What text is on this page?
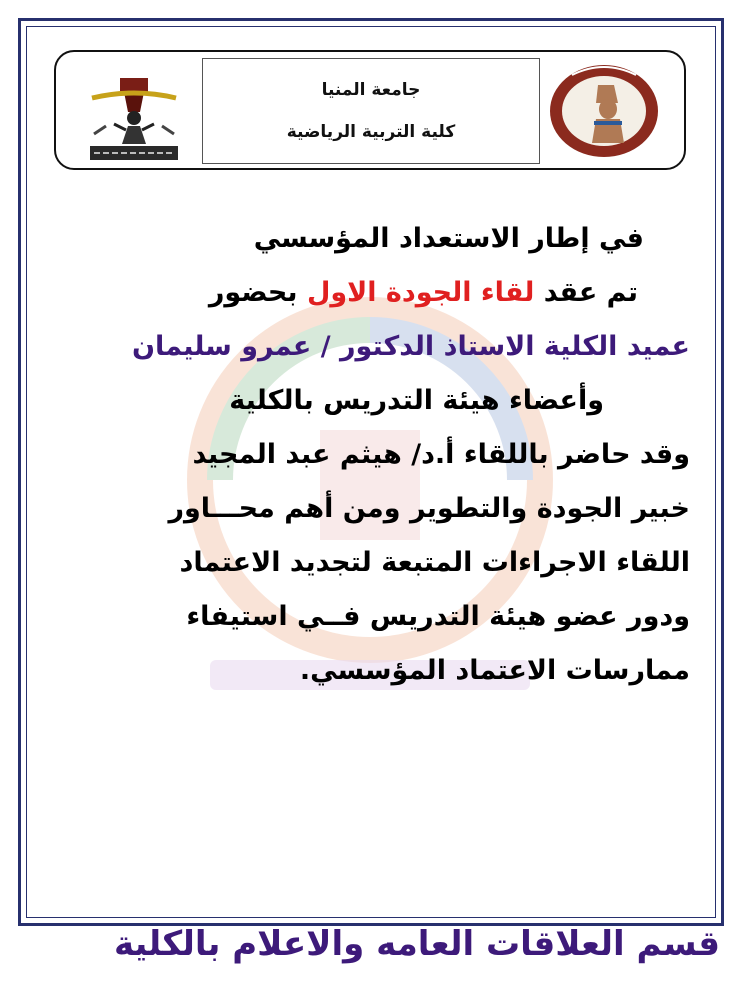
جامعة المنيا
كلية التربية الرياضية
في إطار الاستعداد المؤسسي
تم عقد لقاء الجودة الاول بحضور
عميد الكلية الاستاذ الدكتور / عمرو سليمان
وأعضاء هيئة التدريس بالكلية
وقد حاضر باللقاء أ.د/ هيثم عبد المجيد
خبير الجودة والتطوير ومن أهم محـــاور
اللقاء الاجراءات المتبعة لتجديد الاعتماد
ودور عضو هيئة التدريس فــي استيفاء
ممارسات الاعتماد المؤسسي.
قسم العلاقات العامه والاعلام بالكلية
